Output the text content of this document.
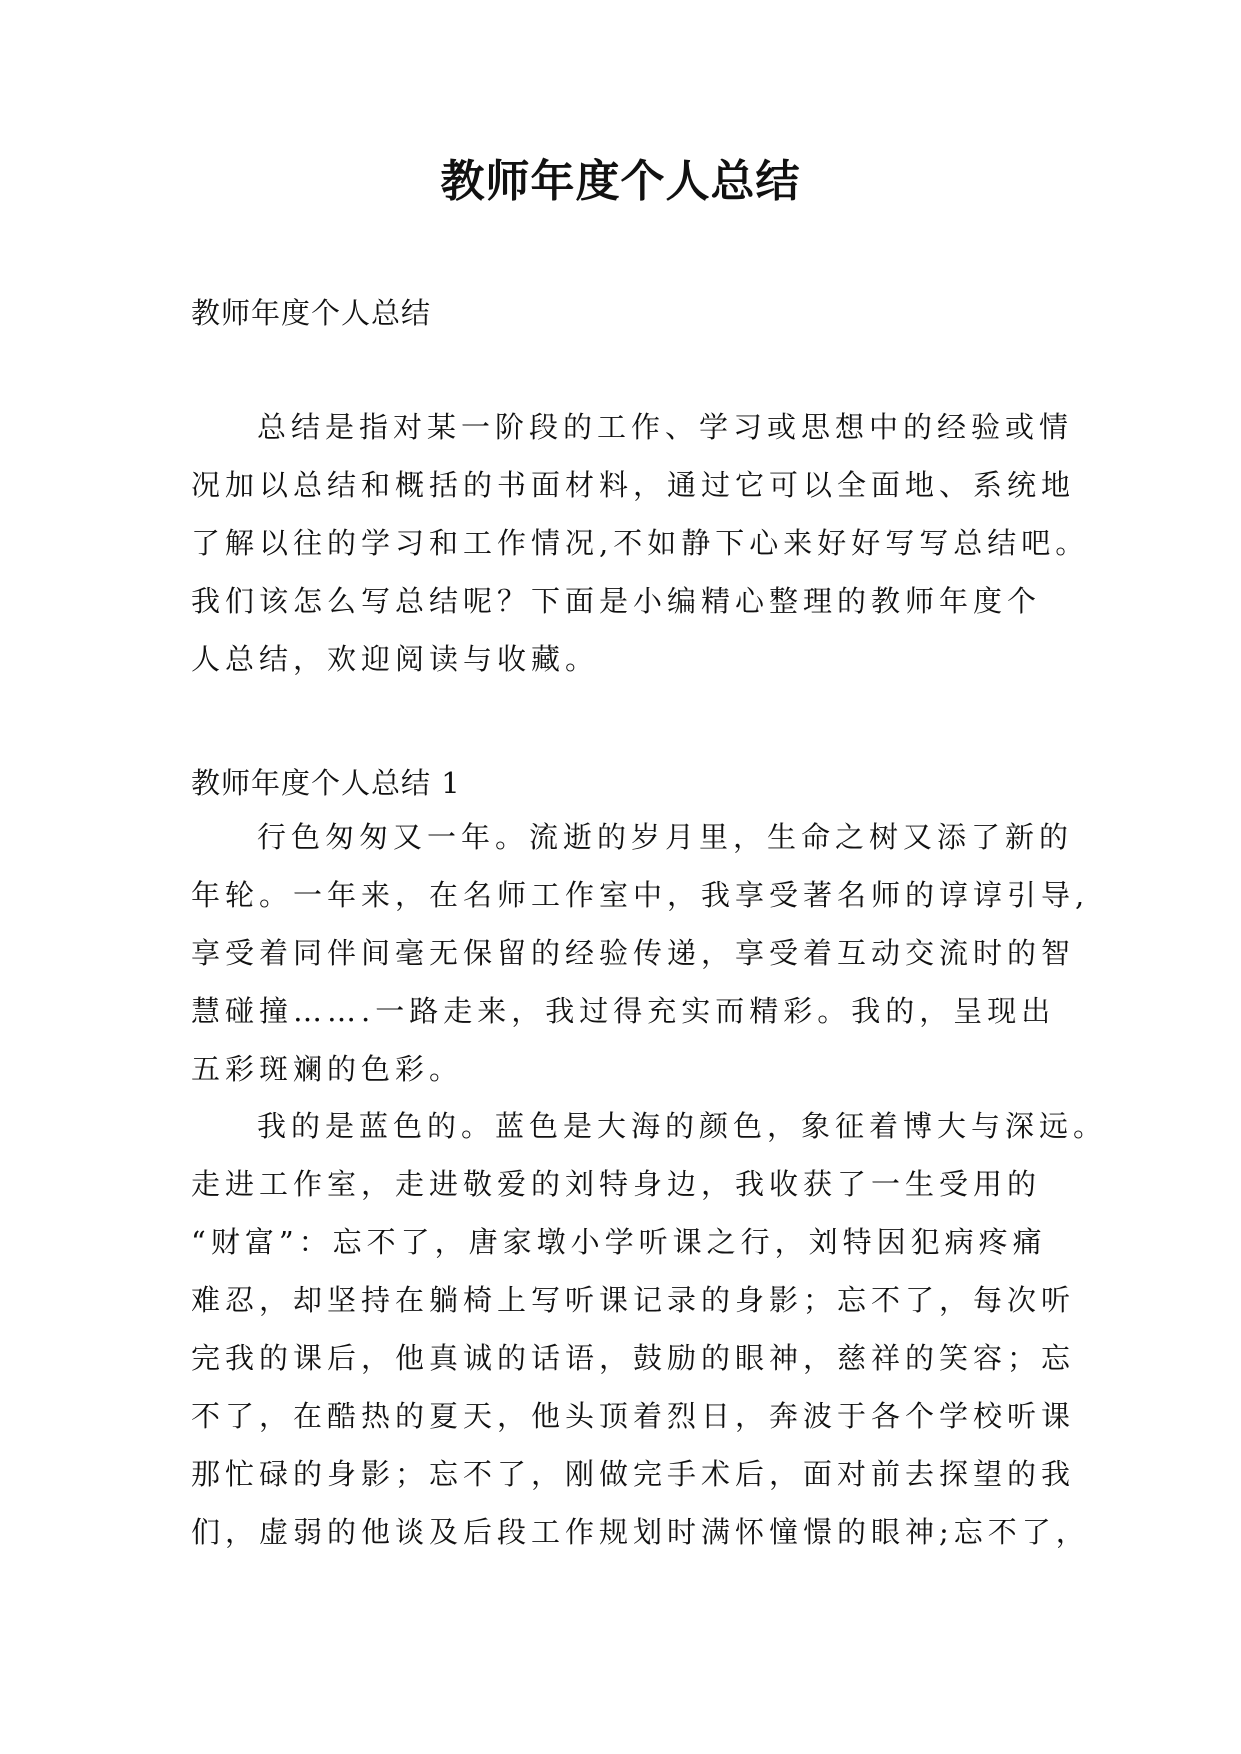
教师年度个人总结
教师年度个人总结
总结是指对某一阶段的工作、学习或思想中的经验或情
况加以总结和概括的书面材料，通过它可以全面地、系统地
了解以往的学习和工作情况,不如静下心来好好写写总结吧。
我们该怎么写总结呢？下面是小编精心整理的教师年度个
人总结，欢迎阅读与收藏。
教师年度个人总结 1
行色匆匆又一年。流逝的岁月里，生命之树又添了新的
年轮。一年来，在名师工作室中，我享受著名师的谆谆引导,
享受着同伴间毫无保留的经验传递，享受着互动交流时的智
慧碰撞…….一路走来，我过得充实而精彩。我的，呈现出
五彩斑斓的色彩。
我的是蓝色的。蓝色是大海的颜色，象征着博大与深远。
走进工作室，走进敬爱的刘特身边，我收获了一生受用的
“财富”：忘不了，唐家墩小学听课之行，刘特因犯病疼痛
难忍，却坚持在躺椅上写听课记录的身影；忘不了，每次听
完我的课后，他真诚的话语，鼓励的眼神，慈祥的笑容；忘
不了，在酷热的夏天，他头顶着烈日，奔波于各个学校听课
那忙碌的身影；忘不了，刚做完手术后，面对前去探望的我
们，虚弱的他谈及后段工作规划时满怀憧憬的眼神;忘不了，
